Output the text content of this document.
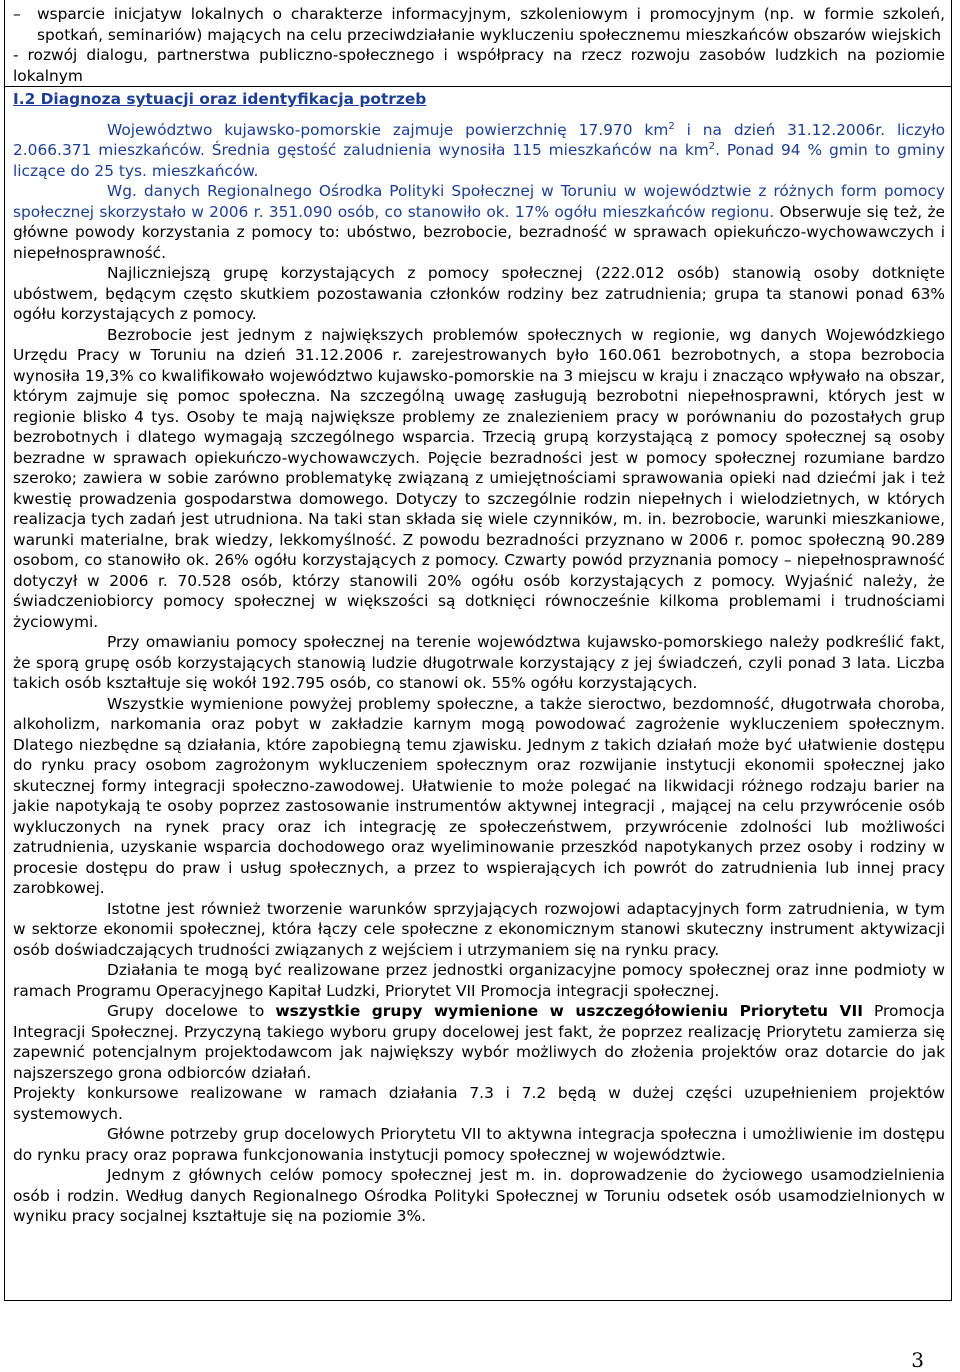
–	wsparcie inicjatyw lokalnych o charakterze informacyjnym, szkoleniowym i promocyjnym (np. w formie szkoleń, spotkań, seminariów) mających na celu przeciwdziałanie wykluczeniu społecznemu mieszkańców obszarów wiejskich

- rozwój dialogu, partnerstwa publiczno-społecznego i współpracy na rzecz rozwoju zasobów ludzkich na poziomie lokalnym

I.2 Diagnoza sytuacji oraz identyfikacja potrzeb

Województwo kujawsko-pomorskie zajmuje powierzchnię 17.970 $km^2$ i na dzień 31.12.2006r. liczyło 2.066.371 mieszkańców. Średnia gęstość zaludnienia wynosiła 115 mieszkańców na $km^2$. Ponad 94 % gmin to gminy liczące do 25 tys. mieszkańców.

Wg. danych Regionalnego Ośrodka Polityki Społecznej w Toruniu w województwie z różnych form pomocy społecznej skorzystało w 2006 r. 351.090 osób, co stanowiło ok. 17% ogółu mieszkańców regionu. Obserwuje się też, że główne powody korzystania z pomocy to: ubóstwo, bezrobocie, bezradność w sprawach opiekuńczo-wychowawczych i niepełnosprawność.

Najliczniejszą grupę korzystających z pomocy społecznej (222.012 osób) stanowią osoby dotknięte ubóstwem, będącym często skutkiem pozostawania członków rodziny bez zatrudnienia; grupa ta stanowi ponad 63% ogółu korzystających z pomocy.

Bezrobocie jest jednym z największych problemów społecznych w regionie, wg danych Wojewódzkiego Urzędu Pracy w Toruniu na dzień 31.12.2006 r. zarejestrowanych było 160.061 bezrobotnych, a stopa bezrobocia wynosiła 19,3% co kwalifikowało województwo kujawsko-pomorskie na 3 miejscu w kraju i znacząco wpływało na obszar, którym zajmuje się pomoc społeczna. Na szczególną uwagę zasługują bezrobotni niepełnosprawni, których jest w regionie blisko 4 tys. Osoby te mają największe problemy ze znalezieniem pracy w porównaniu do pozostałych grup bezrobotnych i dlatego wymagają szczególnego wsparcia. Trzecią grupą korzystającą z pomocy społecznej są osoby bezradne w sprawach opiekuńczo-wychowawczych. Pojęcie bezradności jest w pomocy społecznej rozumiane bardzo szeroko; zawiera w sobie zarówno problematykę związaną z umiejętnościami sprawowania opieki nad dziećmi jak i też kwestię prowadzenia gospodarstwa domowego. Dotyczy to szczególnie rodzin niepełnych i wielodzietnych, w których realizacja tych zadań jest utrudniona. Na taki stan składa się wiele czynników, m. in. bezrobocie, warunki mieszkaniowe, warunki materialne, brak wiedzy, lekkomyślność. Z powodu bezradności przyznano w 2006 r. pomoc społeczną 90.289 osobom, co stanowiło ok. 26% ogółu korzystających z pomocy. Czwarty powód przyznania pomocy – niepełnosprawność dotyczył w 2006 r. 70.528 osób, którzy stanowili 20% ogółu osób korzystających z pomocy. Wyjaśnić należy, że świadczeniobiorcy pomocy społecznej w większości są dotknięci równocześnie kilkoma problemami i trudnościami życiowymi.

Przy omawianiu pomocy społecznej na terenie województwa kujawsko-pomorskiego należy podkreślić fakt, że sporą grupę osób korzystających stanowią ludzie długotrwale korzystający z jej świadczeń, czyli ponad 3 lata. Liczba takich osób kształtuje się wokół 192.795 osób, co stanowi ok. 55% ogółu korzystających.

Wszystkie wymienione powyżej problemy społeczne, a także sieroctwo, bezdomność, długotrwała choroba, alkoholizm, narkomania oraz pobyt w zakładzie karnym mogą powodować zagrożenie wykluczeniem społecznym. Dlatego niezbędne są działania, które zapobiegną temu zjawisku. Jednym z takich działań może być ułatwienie dostępu do rynku pracy osobom zagrożonym wykluczeniem społecznym oraz rozwijanie instytucji ekonomii społecznej jako skutecznej formy integracji społeczno-zawodowej. Ułatwienie to może polegać na likwidacji różnego rodzaju barier na jakie napotykają te osoby poprzez zastosowanie instrumentów aktywnej integracji , mającej na celu przywrócenie osób wykluczonych na rynek pracy oraz ich integrację ze społeczeństwem, przywrócenie zdolności lub możliwości zatrudnienia, uzyskanie wsparcia dochodowego oraz wyeliminowanie przeszkód napotykanych przez osoby i rodziny w procesie dostępu do praw i usług społecznych, a przez to wspierających ich powrót do zatrudnienia lub innej pracy zarobkowej.

Istotne jest również tworzenie warunków sprzyjających rozwojowi adaptacyjnych form zatrudnienia, w tym w sektorze ekonomii społecznej, która łączy cele społeczne z ekonomicznym stanowi skuteczny instrument aktywizacji osób doświadczających trudności związanych z wejściem i utrzymaniem się na rynku pracy.

Działania te mogą być realizowane przez jednostki organizacyjne pomocy społecznej oraz inne podmioty w ramach Programu Operacyjnego Kapitał Ludzki, Priorytet VII Promocja integracji społecznej.

Grupy docelowe to wszystkie grupy wymienione w uszczegółowieniu Priorytetu VII Promocja Integracji Społecznej. Przyczyną takiego wyboru grupy docelowej jest fakt, że poprzez realizację Priorytetu zamierza się zapewnić potencjalnym projektodawcom jak największy wybór możliwych do złożenia projektów oraz dotarcie do jak najszerszego grona odbiorców działań.

Projekty konkursowe realizowane w ramach działania 7.3 i 7.2 będą w dużej części uzupełnieniem projektów systemowych.

Główne potrzeby grup docelowych Priorytetu VII to aktywna integracja społeczna i umożliwienie im dostępu do rynku pracy oraz poprawa funkcjonowania instytucji pomocy społecznej w województwie.

Jednym z głównych celów pomocy społecznej jest m. in. doprowadzenie do życiowego usamodzielnienia osób i rodzin. Według danych Regionalnego Ośrodka Polityki Społecznej w Toruniu odsetek osób usamodzielnionych w wyniku pracy socjalnej kształtuje się na poziomie 3%.

3
